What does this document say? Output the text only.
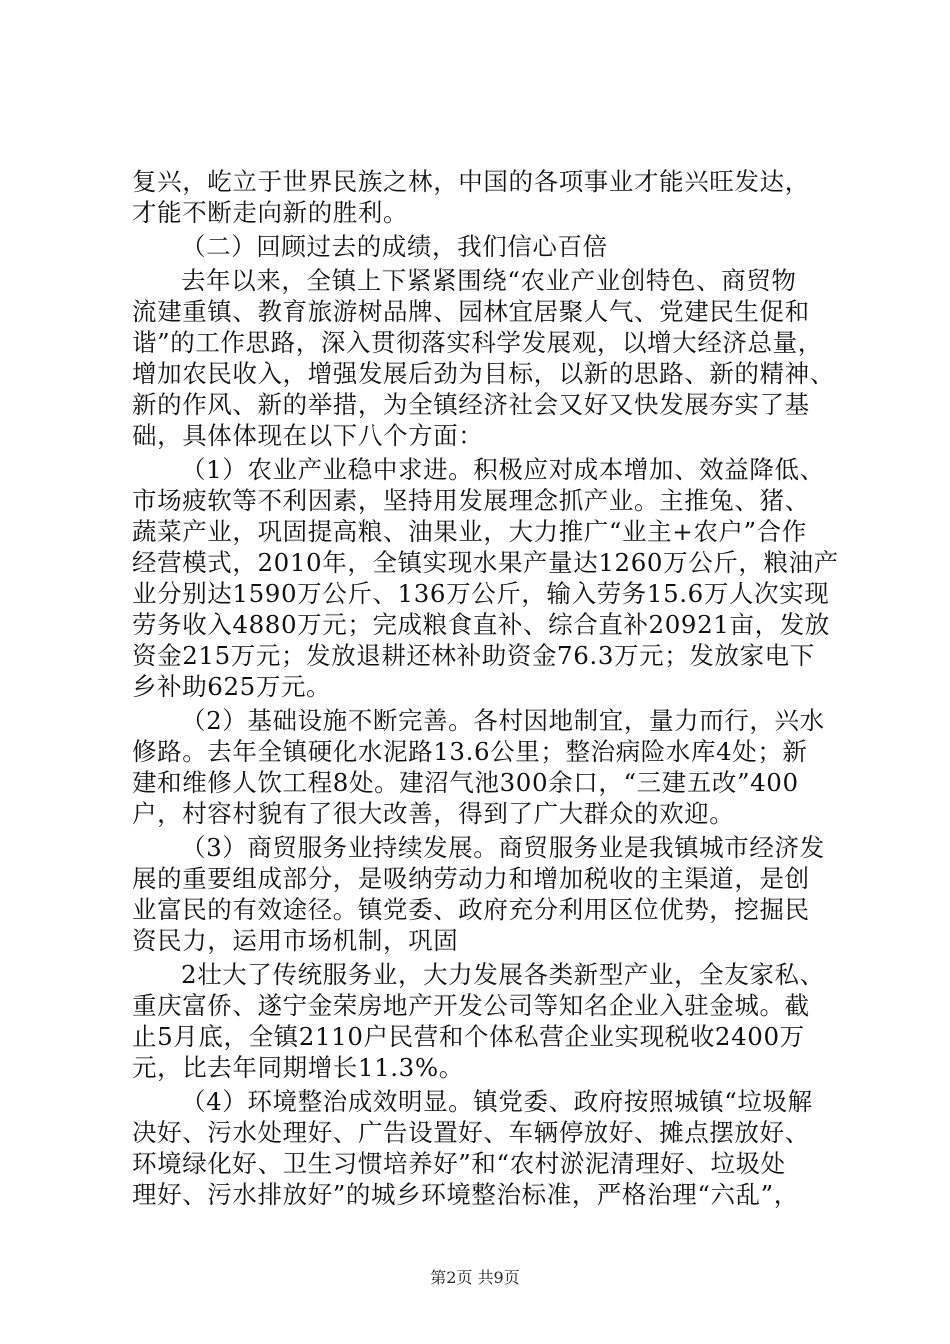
复兴，屹立于世界民族之林，中国的各项事业才能兴旺发达，
才能不断走向新的胜利。
（二）回顾过去的成绩，我们信心百倍
去年以来，全镇上下紧紧围绕“农业产业创特色、商贸物
流建重镇、教育旅游树品牌、园林宜居聚人气、党建民生促和
谐”的工作思路，深入贯彻落实科学发展观，以增大经济总量，
增加农民收入，增强发展后劲为目标，以新的思路、新的精神、
新的作风、新的举措，为全镇经济社会又好又快发展夯实了基
础，具体体现在以下八个方面：
（1）农业产业稳中求进。积极应对成本增加、效益降低、
市场疲软等不利因素，坚持用发展理念抓产业。主推兔、猪、
蔬菜产业，巩固提高粮、油果业，大力推广“业主+农户”合作
经营模式，2010年，全镇实现水果产量达1260万公斤，粮油产
业分别达1590万公斤、136万公斤，输入劳务15.6万人次实现
劳务收入4880万元；完成粮食直补、综合直补20921亩，发放
资金215万元；发放退耕还林补助资金76.3万元；发放家电下
乡补助625万元。
（2）基础设施不断完善。各村因地制宜，量力而行，兴水
修路。去年全镇硬化水泥路13.6公里；整治病险水库4处；新
建和维修人饮工程8处。建沼气池300余口，“三建五改”400
户，村容村貌有了很大改善，得到了广大群众的欢迎。
（3）商贸服务业持续发展。商贸服务业是我镇城市经济发
展的重要组成部分，是吸纳劳动力和增加税收的主渠道，是创
业富民的有效途径。镇党委、政府充分利用区位优势，挖掘民
资民力，运用市场机制，巩固
2壮大了传统服务业，大力发展各类新型产业，全友家私、
重庆富侨、遂宁金荣房地产开发公司等知名企业入驻金城。截
止5月底，全镇2110户民营和个体私营企业实现税收2400万
元，比去年同期增长11.3%。
（4）环境整治成效明显。镇党委、政府按照城镇“垃圾解
决好、污水处理好、广告设置好、车辆停放好、摊点摆放好、
环境绿化好、卫生习惯培养好”和“农村淤泥清理好、垃圾处
理好、污水排放好”的城乡环境整治标准，严格治理“六乱”，
第2页 共9页
